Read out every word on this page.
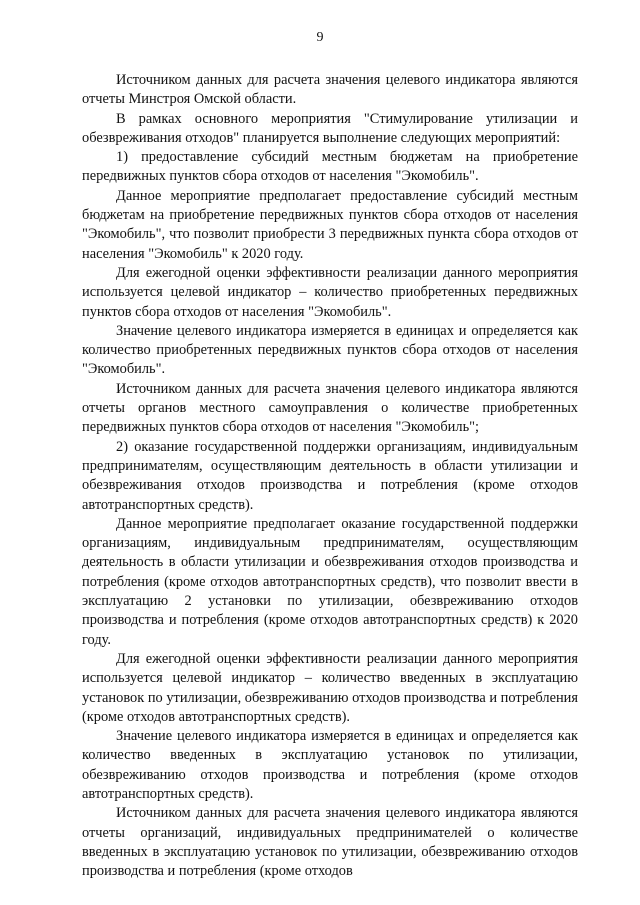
9

Источником данных для расчета значения целевого индикатора являются отчеты Минстроя Омской области.

В рамках основного мероприятия "Стимулирование утилизации и обезвреживания отходов" планируется выполнение следующих мероприятий:

1) предоставление субсидий местным бюджетам на приобретение передвижных пунктов сбора отходов от населения "Экомобиль".

Данное мероприятие предполагает предоставление субсидий местным бюджетам на приобретение передвижных пунктов сбора отходов от населения "Экомобиль", что позволит приобрести 3 передвижных пункта сбора отходов от населения "Экомобиль" к 2020 году.

Для ежегодной оценки эффективности реализации данного мероприятия используется целевой индикатор – количество приобретенных передвижных пунктов сбора отходов от населения "Экомобиль".

Значение целевого индикатора измеряется в единицах и определяется как количество приобретенных передвижных пунктов сбора отходов от населения "Экомобиль".

Источником данных для расчета значения целевого индикатора являются отчеты органов местного самоуправления о количестве приобретенных передвижных пунктов сбора отходов от населения "Экомобиль";

2) оказание государственной поддержки организациям, индивидуальным предпринимателям, осуществляющим деятельность в области утилизации и обезвреживания отходов производства и потребления (кроме отходов автотранспортных средств).

Данное мероприятие предполагает оказание государственной поддержки организациям, индивидуальным предпринимателям, осуществляющим деятельность в области утилизации и обезвреживания отходов производства и потребления (кроме отходов автотранспортных средств), что позволит ввести в эксплуатацию 2 установки по утилизации, обезвреживанию отходов производства и потребления (кроме отходов автотранспортных средств) к 2020 году.

Для ежегодной оценки эффективности реализации данного мероприятия используется целевой индикатор – количество введенных в эксплуатацию установок по утилизации, обезвреживанию отходов производства и потребления (кроме отходов автотранспортных средств).

Значение целевого индикатора измеряется в единицах и определяется как количество введенных в эксплуатацию установок по утилизации, обезвреживанию отходов производства и потребления (кроме отходов автотранспортных средств).

Источником данных для расчета значения целевого индикатора являются отчеты организаций, индивидуальных предпринимателей о количестве введенных в эксплуатацию установок по утилизации, обезвреживанию отходов производства и потребления (кроме отходов
